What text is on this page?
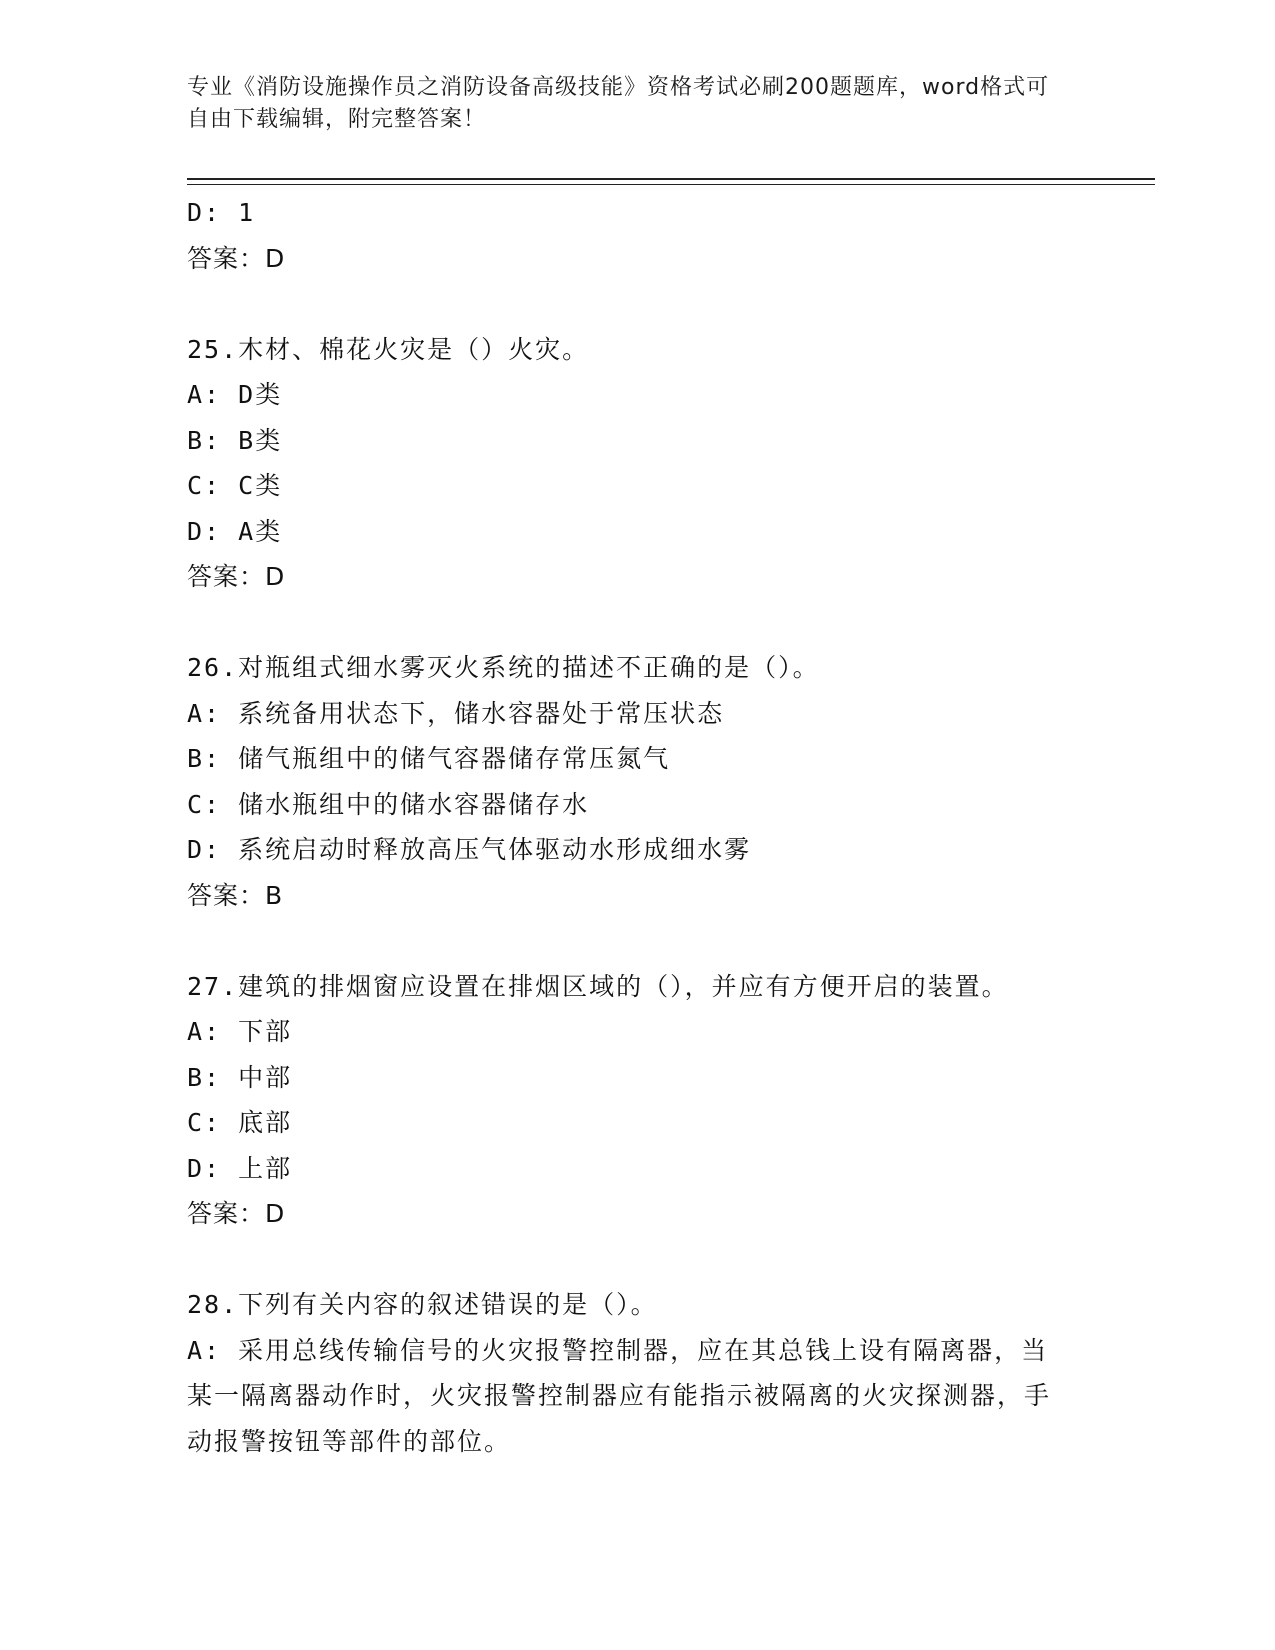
专业《消防设施操作员之消防设备高级技能》资格考试必刷200题题库，word格式可自由下载编辑，附完整答案！
D: 1
答案：D
25.木材、棉花火灾是（）火灾。
A: D类
B: B类
C: C类
D: A类
答案：D
26.对瓶组式细水雾灭火系统的描述不正确的是（）。
A: 系统备用状态下，储水容器处于常压状态
B: 储气瓶组中的储气容器储存常压氮气
C: 储水瓶组中的储水容器储存水
D: 系统启动时释放高压气体驱动水形成细水雾
答案：B
27.建筑的排烟窗应设置在排烟区域的（），并应有方便开启的装置。
A: 下部
B: 中部
C: 底部
D: 上部
答案：D
28.下列有关内容的叙述错误的是（）。
A: 采用总线传输信号的火灾报警控制器，应在其总钱上设有隔离器，当某一隔离器动作时，火灾报警控制器应有能指示被隔离的火灾探测器，手动报警按钮等部件的部位。
